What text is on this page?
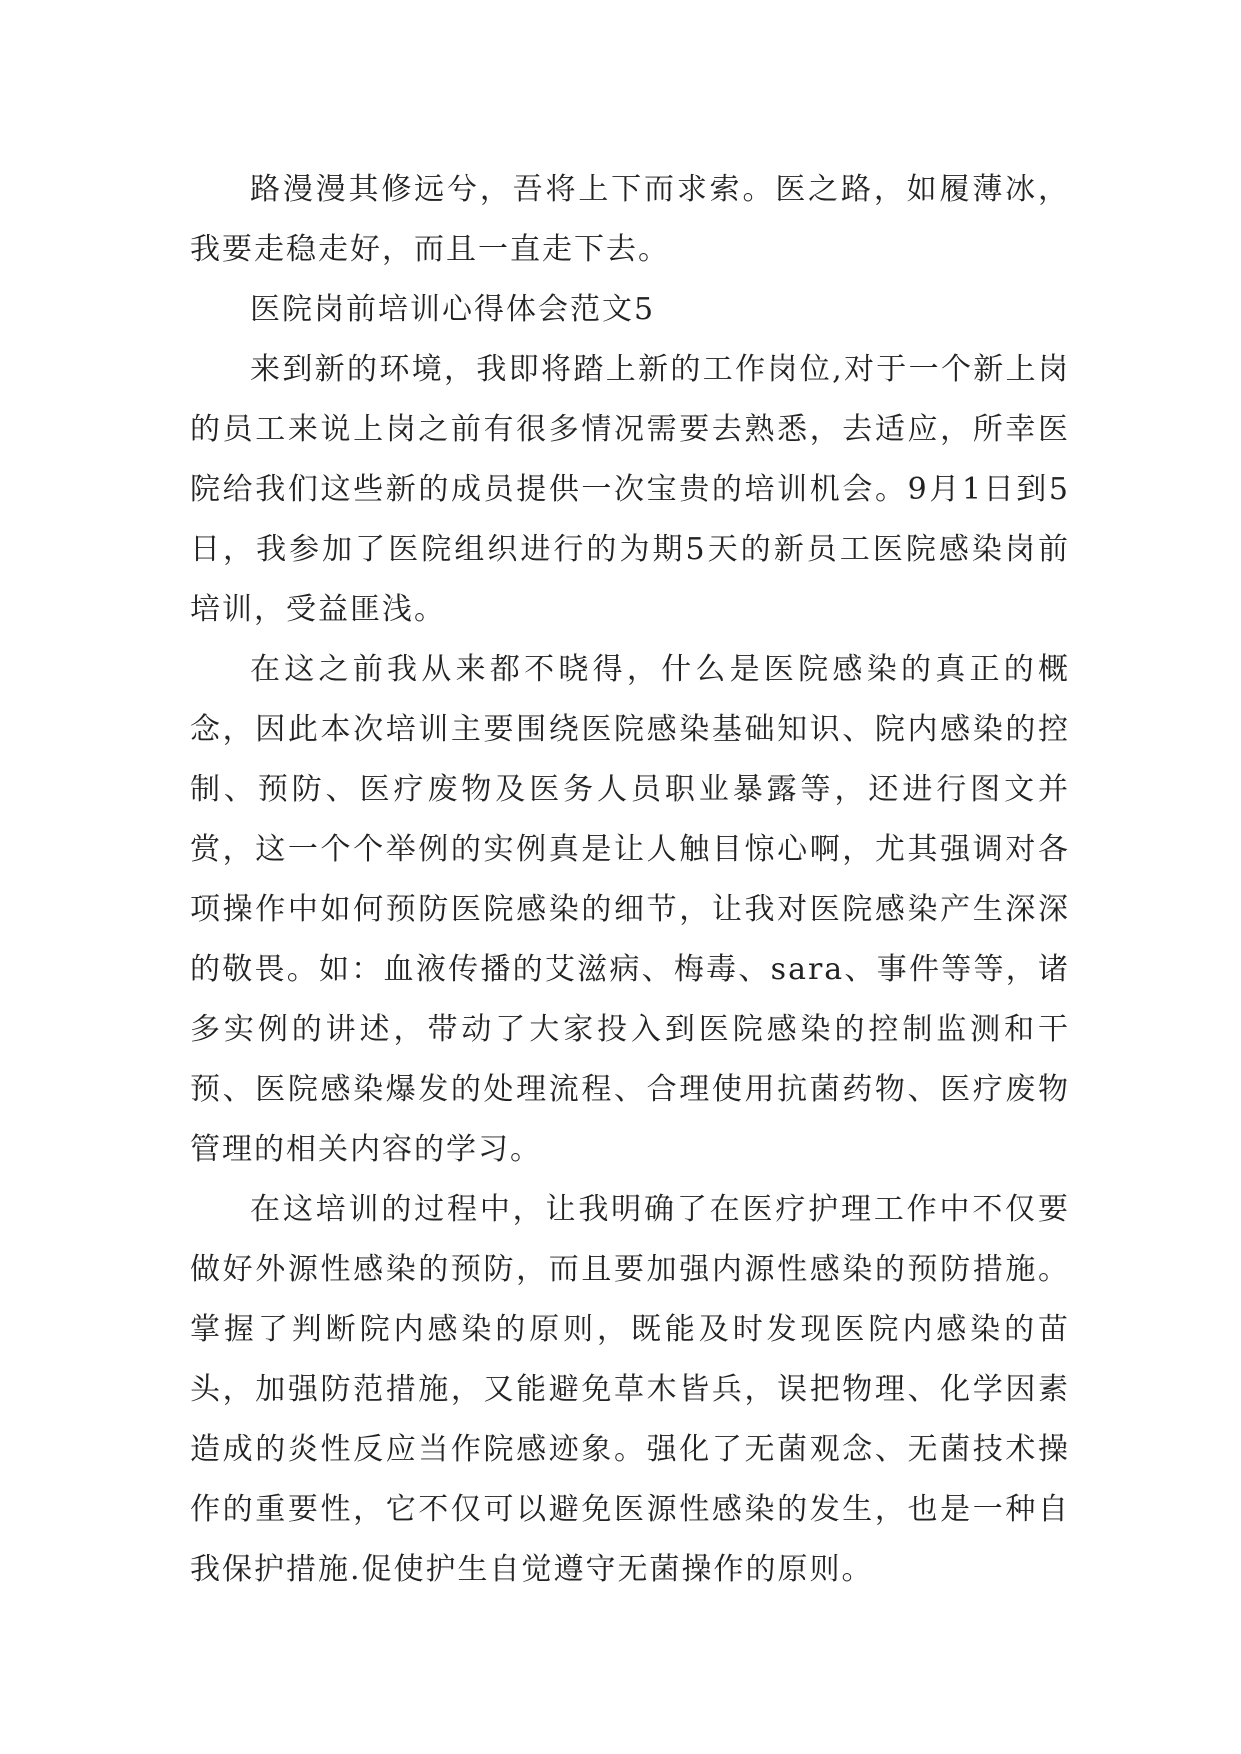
路漫漫其修远兮，吾将上下而求索。医之路，如履薄冰，我要走稳走好，而且一直走下去。

医院岗前培训心得体会范文5

来到新的环境，我即将踏上新的工作岗位,对于一个新上岗的员工来说上岗之前有很多情况需要去熟悉，去适应，所幸医院给我们这些新的成员提供一次宝贵的培训机会。9月1日到5日，我参加了医院组织进行的为期5天的新员工医院感染岗前培训，受益匪浅。

在这之前我从来都不晓得，什么是医院感染的真正的概念，因此本次培训主要围绕医院感染基础知识、院内感染的控制、预防、医疗废物及医务人员职业暴露等，还进行图文并赏，这一个个举例的实例真是让人触目惊心啊，尤其强调对各项操作中如何预防医院感染的细节，让我对医院感染产生深深的敬畏。如：血液传播的艾滋病、梅毒、sara、事件等等，诸多实例的讲述，带动了大家投入到医院感染的控制监测和干预、医院感染爆发的处理流程、合理使用抗菌药物、医疗废物管理的相关内容的学习。

在这培训的过程中，让我明确了在医疗护理工作中不仅要做好外源性感染的预防，而且要加强内源性感染的预防措施。掌握了判断院内感染的原则，既能及时发现医院内感染的苗头，加强防范措施，又能避免草木皆兵，误把物理、化学因素造成的炎性反应当作院感迹象。强化了无菌观念、无菌技术操作的重要性，它不仅可以避免医源性感染的发生，也是一种自我保护措施.促使护生自觉遵守无菌操作的原则。
